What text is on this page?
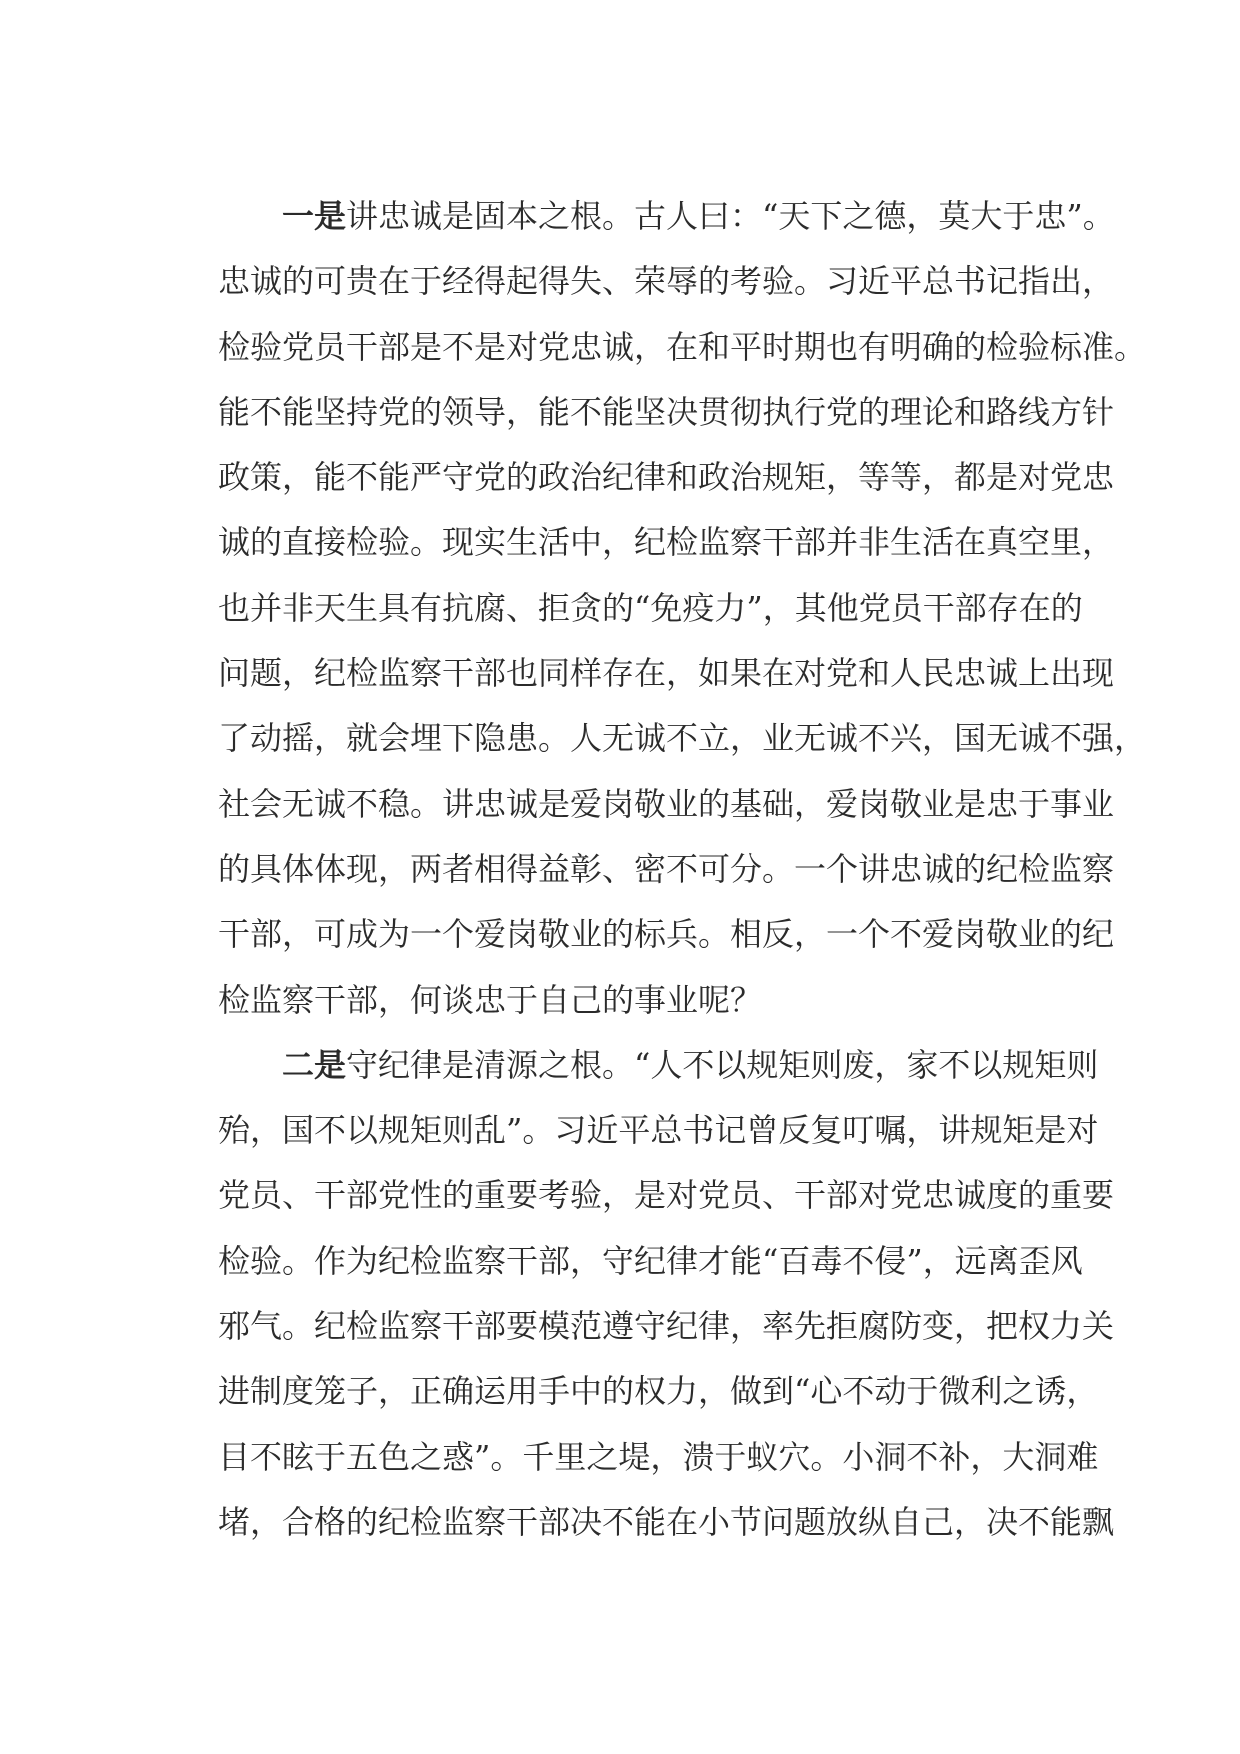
一是讲忠诚是固本之根。古人曰：“天下之德，莫大于忠”。
忠诚的可贵在于经得起得失、荣辱的考验。习近平总书记指出，
检验党员干部是不是对党忠诚，在和平时期也有明确的检验标准。
能不能坚持党的领导，能不能坚决贯彻执行党的理论和路线方针
政策，能不能严守党的政治纪律和政治规矩，等等，都是对党忠
诚的直接检验。现实生活中，纪检监察干部并非生活在真空里，
也并非天生具有抗腐、拒贪的“免疫力”，其他党员干部存在的
问题，纪检监察干部也同样存在，如果在对党和人民忠诚上出现
了动摇，就会埋下隐患。人无诚不立，业无诚不兴，国无诚不强，
社会无诚不稳。讲忠诚是爱岗敬业的基础，爱岗敬业是忠于事业
的具体体现，两者相得益彰、密不可分。一个讲忠诚的纪检监察
干部，可成为一个爱岗敬业的标兵。相反，一个不爱岗敬业的纪
检监察干部，何谈忠于自己的事业呢？
二是守纪律是清源之根。“人不以规矩则废，家不以规矩则
殆，国不以规矩则乱”。习近平总书记曾反复叮嘱，讲规矩是对
党员、干部党性的重要考验，是对党员、干部对党忠诚度的重要
检验。作为纪检监察干部，守纪律才能“百毒不侵”，远离歪风
邪气。纪检监察干部要模范遵守纪律，率先拒腐防变，把权力关
进制度笼子，正确运用手中的权力，做到“心不动于微利之诱，
目不眩于五色之惑”。千里之堤，溃于蚁穴。小洞不补，大洞难
堵，合格的纪检监察干部决不能在小节问题放纵自己，决不能飘
